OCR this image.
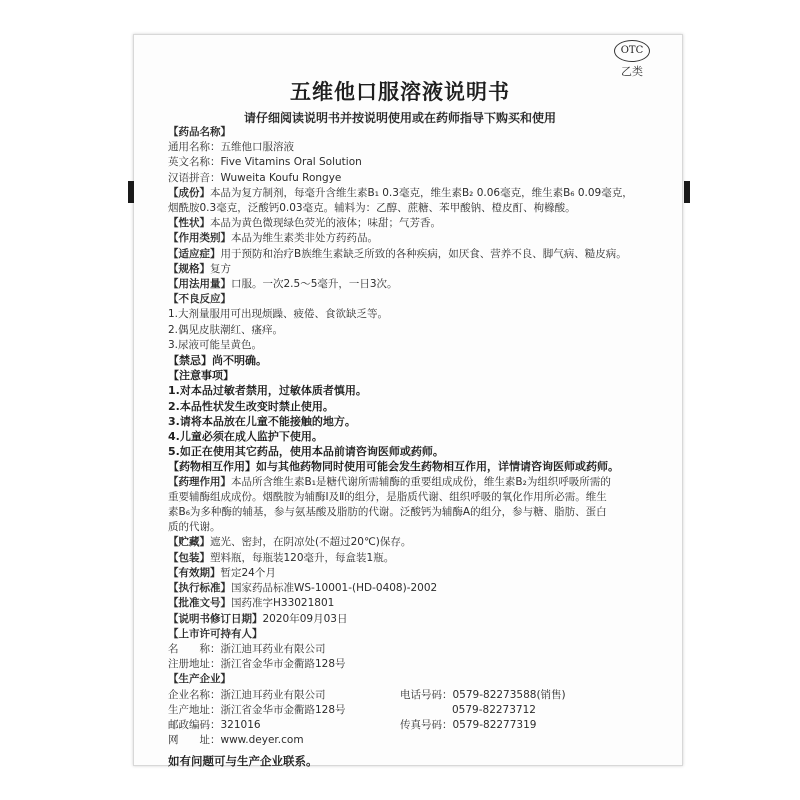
OTC
乙类
五维他口服溶液说明书
请仔细阅读说明书并按说明使用或在药师指导下购买和使用
【药品名称】
通用名称：五维他口服溶液
英文名称：Five Vitamins Oral Solution
汉语拼音：Wuweita Koufu Rongye
【成份】本品为复方制剂，每毫升含维生素B₁ 0.3毫克，维生素B₂ 0.06毫克，维生素B₆ 0.09毫克，
烟酰胺0.3毫克，泛酸钙0.03毫克。辅料为：乙醇、蔗糖、苯甲酸钠、橙皮酊、枸橼酸。
【性状】本品为黄色微现绿色荧光的液体；味甜；气芳香。
【作用类别】本品为维生素类非处方药药品。
【适应症】用于预防和治疗B族维生素缺乏所致的各种疾病，如厌食、营养不良、脚气病、糙皮病。
【规格】复方
【用法用量】口服。一次2.5～5毫升，一日3次。
【不良反应】
1.大剂量服用可出现烦躁、疲倦、食欲缺乏等。
2.偶见皮肤潮红、瘙痒。
3.尿液可能呈黄色。
【禁忌】尚不明确。
【注意事项】
1.对本品过敏者禁用，过敏体质者慎用。
2.本品性状发生改变时禁止使用。
3.请将本品放在儿童不能接触的地方。
4.儿童必须在成人监护下使用。
5.如正在使用其它药品，使用本品前请咨询医师或药师。
【药物相互作用】如与其他药物同时使用可能会发生药物相互作用，详情请咨询医师或药师。
【药理作用】本品所含维生素B₁是糖代谢所需辅酶的重要组成成份，维生素B₂为组织呼吸所需的
重要辅酶组成成份。烟酰胺为辅酶Ⅰ及Ⅱ的组分，是脂质代谢、组织呼吸的氧化作用所必需。维生
素B₆为多种酶的辅基，参与氨基酸及脂肪的代谢。泛酸钙为辅酶A的组分，参与糖、脂肪、蛋白
质的代谢。
【贮藏】遮光、密封，在阴凉处(不超过20℃)保存。
【包装】塑料瓶，每瓶装120毫升，每盒装1瓶。
【有效期】暂定24个月
【执行标准】国家药品标准WS-10001-(HD-0408)-2002
【批准文号】国药准字H33021801
【说明书修订日期】2020年09月03日
【上市许可持有人】
名　　称：浙江迪耳药业有限公司
注册地址：浙江省金华市金衢路128号
【生产企业】
企业名称：浙江迪耳药业有限公司	电话号码：0579-82273588(销售)
生产地址：浙江省金华市金衢路128号	0579-82273712
邮政编码：321016	传真号码：0579-82277319
网　　址：www.deyer.com
如有问题可与生产企业联系。
